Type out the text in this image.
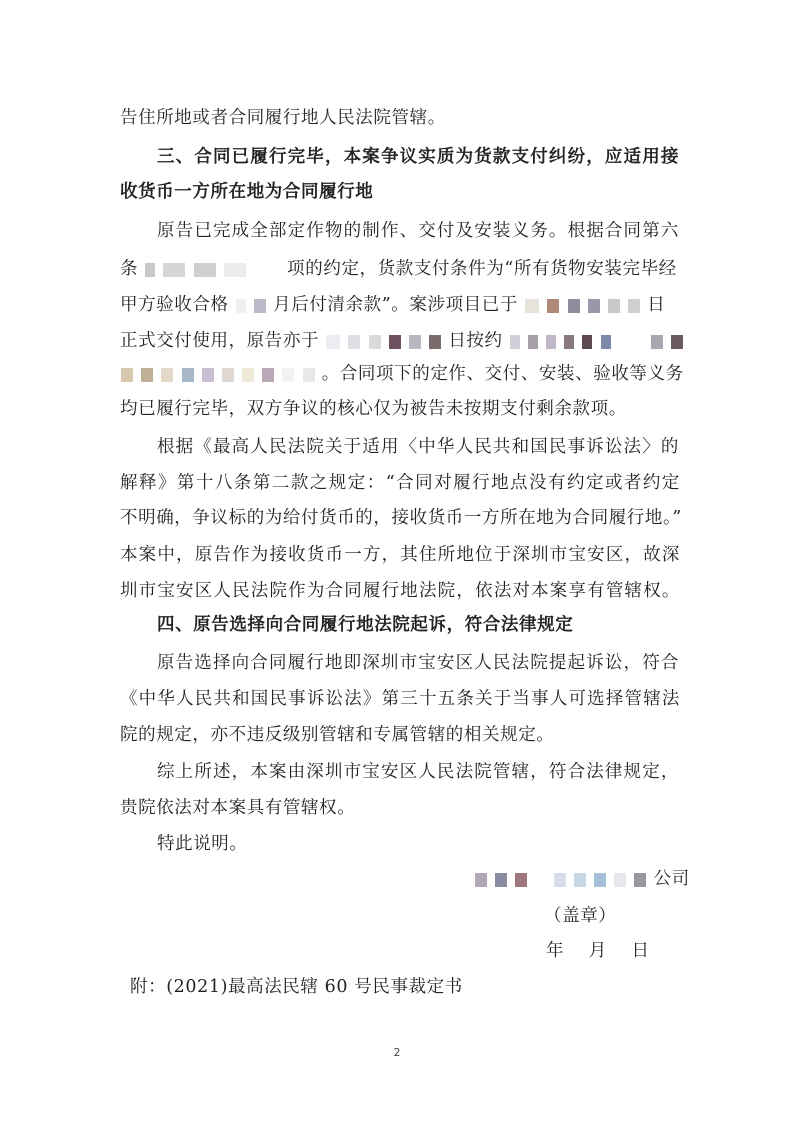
告住所地或者合同履行地人民法院管辖。
三、合同已履行完毕，本案争议实质为货款支付纠纷，应适用接
收货币一方所在地为合同履行地
原告已完成全部定作物的制作、交付及安装义务。根据合同第六
条	项的约定，货款支付条件为“所有货物安装完毕经
甲方验收合格	月后付清余款”。案涉项目已于	日
正式交付使用，原告亦于	日按约
。合同项下的定作、交付、安装、验收等义务
均已履行完毕，双方争议的核心仅为被告未按期支付剩余款项。
根据《最高人民法院关于适用〈中华人民共和国民事诉讼法〉的
解释》第十八条第二款之规定：“合同对履行地点没有约定或者约定
不明确，争议标的为给付货币的，接收货币一方所在地为合同履行地。”
本案中，原告作为接收货币一方，其住所地位于深圳市宝安区，故深
圳市宝安区人民法院作为合同履行地法院，依法对本案享有管辖权。
四、原告选择向合同履行地法院起诉，符合法律规定
原告选择向合同履行地即深圳市宝安区人民法院提起诉讼，符合
《中华人民共和国民事诉讼法》第三十五条关于当事人可选择管辖法
院的规定，亦不违反级别管辖和专属管辖的相关规定。
综上所述，本案由深圳市宝安区人民法院管辖，符合法律规定，
贵院依法对本案具有管辖权。
特此说明。
公司
（盖章）
年    月    日
附：(2021)最高法民辖 60 号民事裁定书
2
